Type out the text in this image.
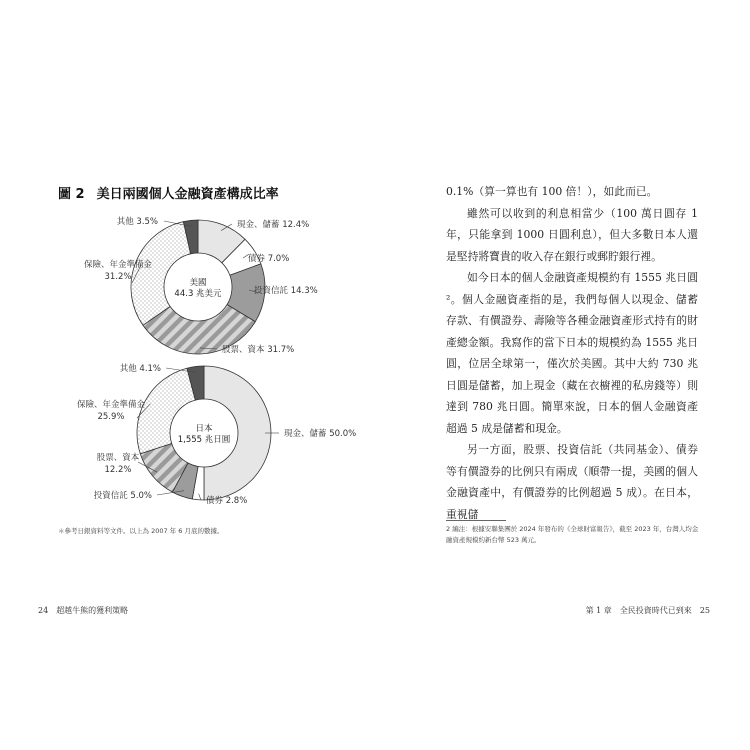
圖 2 美日兩國個人金融資產構成比率
現金、儲蓄 12.4%
債券 7.0%
投資信託 14.3%
股票、資本 31.7%
保險、年金準備金
31.2%
其他 3.5%
美國
44.3 兆美元
現金、儲蓄 50.0%
債券 2.8%
投資信託 5.0%
股票、資本
12.2%
保險、年金準備金
25.9%
其他 4.1%
日本
1,555 兆日圓
＊參考日銀資料等文件。以上為 2007 年 6 月底的數據。
24 超越牛熊的獲利策略

0.1%（算一算也有 100 倍！），如此而已。

雖然可以收到的利息相當少（100 萬日圓存 1 年，只能拿到 1000 日圓利息），但大多數日本人還是堅持將寶貴的收入存在銀行或郵貯銀行裡。

如今日本的個人金融資產規模約有 1555 兆日圓²。個人金融資產指的是，我們每個人以現金、儲蓄存款、有價證券、壽險等各種金融資產形式持有的財產總金額。我寫作的當下日本的規模約為 1555 兆日圓，位居全球第一，僅次於美國。其中大約 730 兆日圓是儲蓄，加上現金（藏在衣櫥裡的私房錢等）則達到 780 兆日圓。簡單來說，日本的個人金融資產超過 5 成是儲蓄和現金。

另一方面，股票、投資信託（共同基金）、債券等有價證券的比例只有兩成（順帶一提，美國的個人金融資產中，有價證券的比例超過 5 成）。在日本，重視儲

2 編注：根據安聯集團於 2024 年發布的《全球財富報告》，截至 2023 年，台灣人均金融資產規模約新台幣 523 萬元。
第 1 章 全民投資時代已到來 25
